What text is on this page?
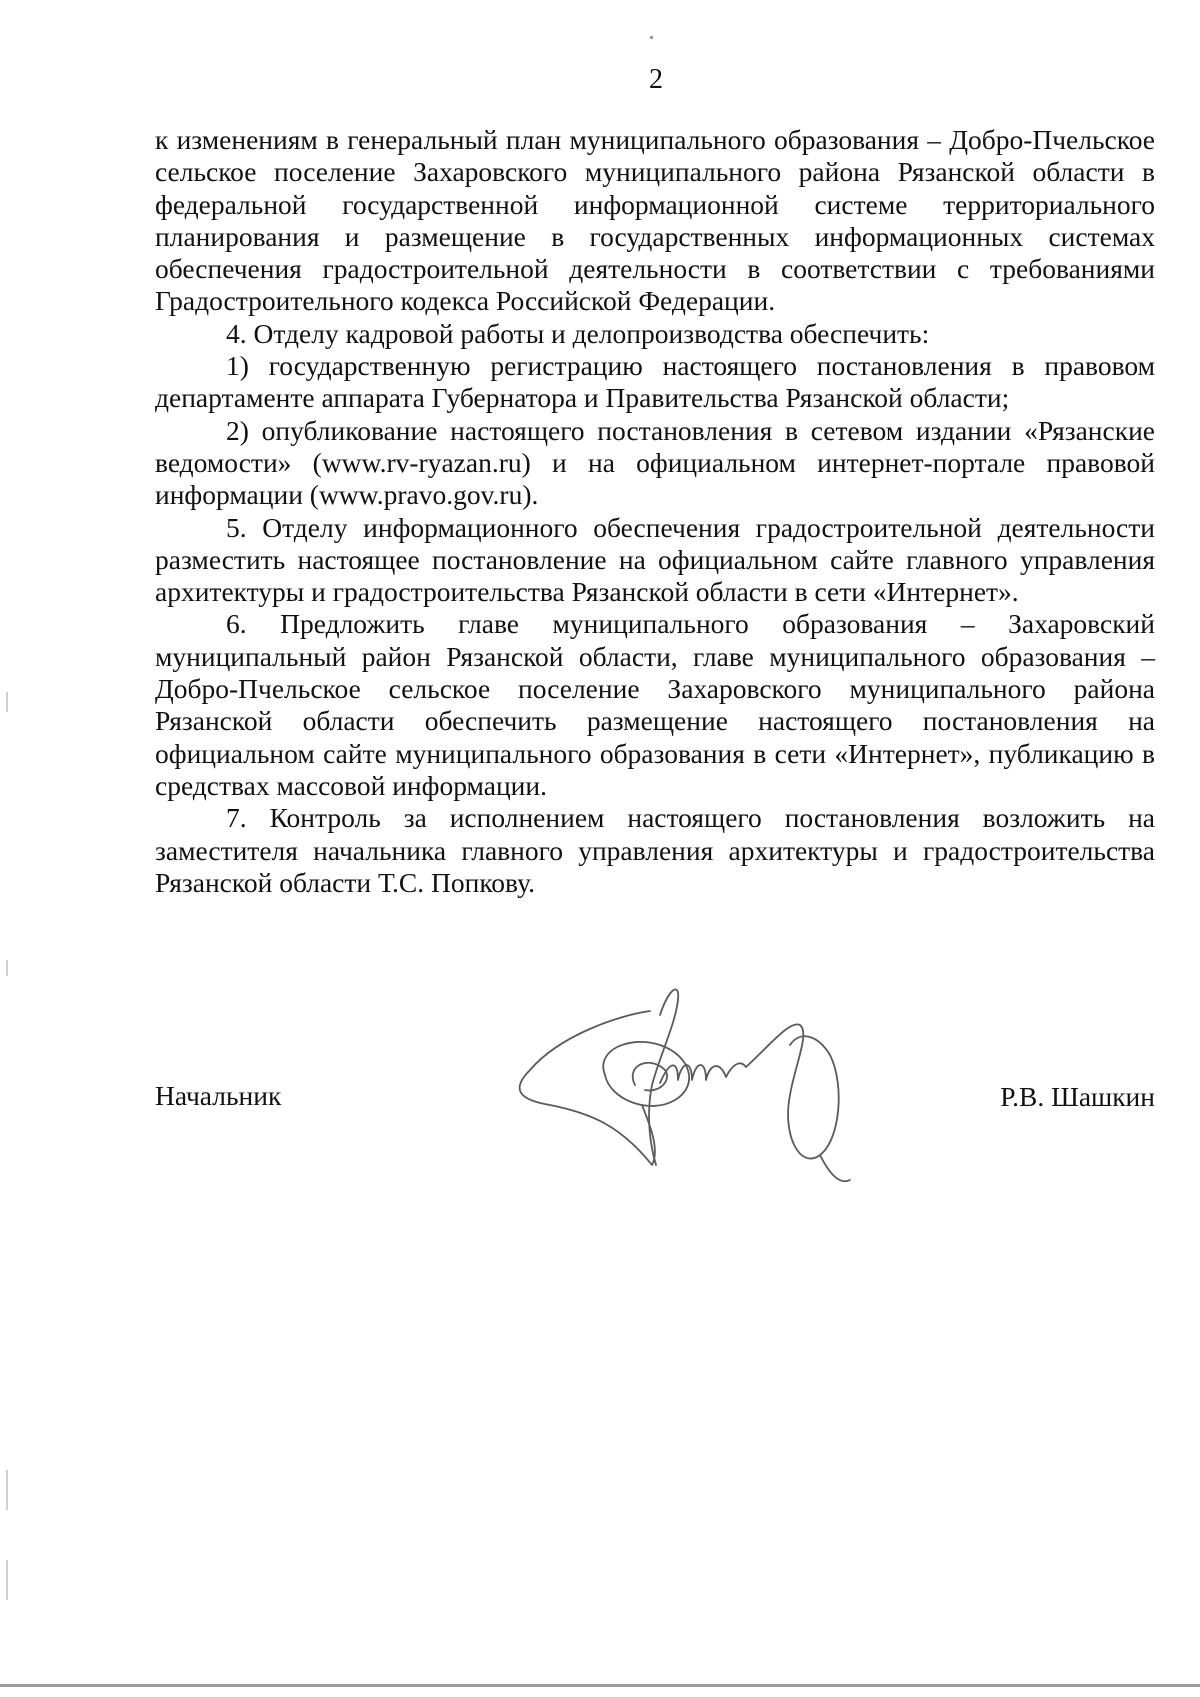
2

к изменениям в генеральный план муниципального образования – Добро-Пчельское сельское поселение Захаровского муниципального района Рязанской области в федеральной государственной информационной системе территориального планирования и размещение в государственных информационных системах обеспечения градостроительной деятельности в соответствии с требованиями Градостроительного кодекса Российской Федерации.

4. Отделу кадровой работы и делопроизводства обеспечить:

1) государственную регистрацию настоящего постановления в правовом департаменте аппарата Губернатора и Правительства Рязанской области;

2) опубликование настоящего постановления в сетевом издании «Рязанские ведомости» (www.rv-ryazan.ru) и на официальном интернет-портале правовой информации (www.pravo.gov.ru).

5. Отделу информационного обеспечения градостроительной деятельности разместить настоящее постановление на официальном сайте главного управления архитектуры и градостроительства Рязанской области в сети «Интернет».

6. Предложить главе муниципального образования – Захаровский муниципальный район Рязанской области, главе муниципального образования – Добро-Пчельское сельское поселение Захаровского муниципального района Рязанской области обеспечить размещение настоящего постановления на официальном сайте муниципального образования в сети «Интернет», публикацию в средствах массовой информации.

7. Контроль за исполнением настоящего постановления возложить на заместителя начальника главного управления архитектуры и градостроительства Рязанской области Т.С. Попкову.

Начальник	Р.В. Шашкин
